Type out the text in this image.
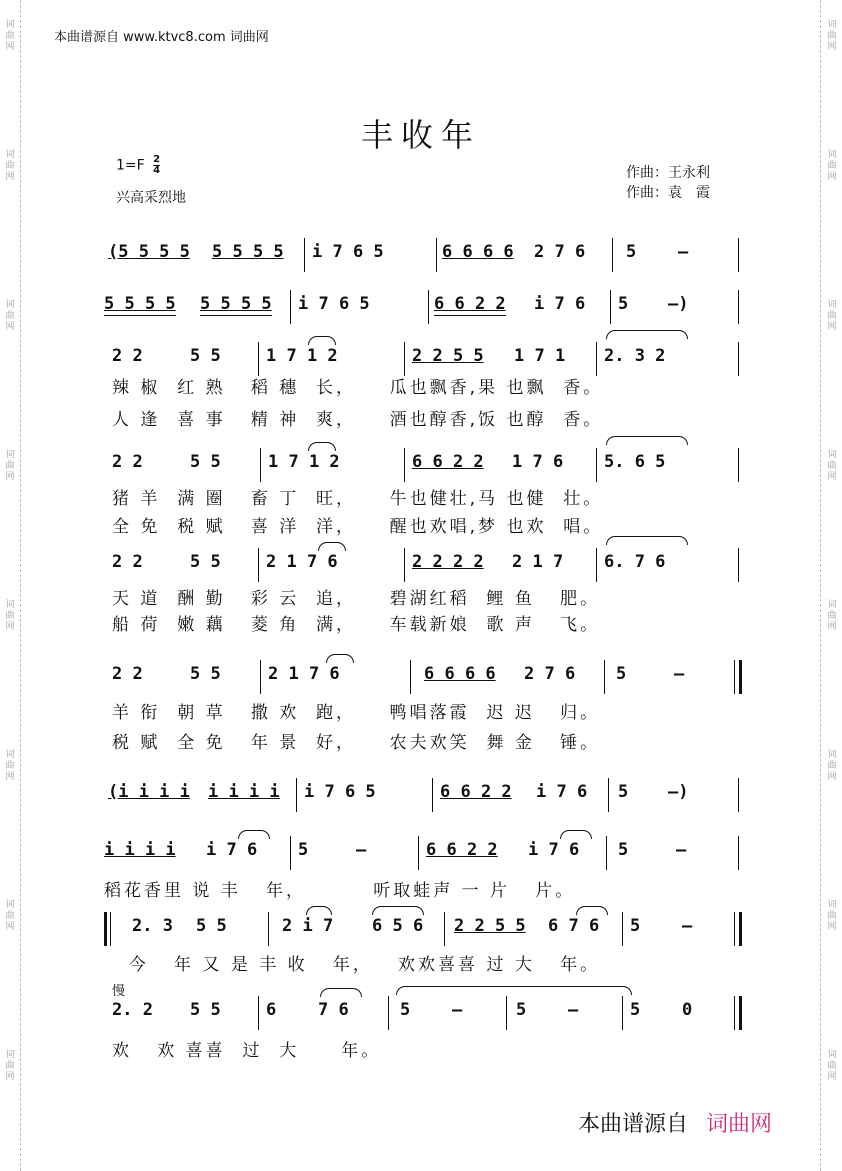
词曲网
词曲网
词曲网
词曲网
词曲网
词曲网
词曲网
词曲网
词曲网
词曲网
词曲网
词曲网
词曲网
词曲网
词曲网
词曲网
本曲谱源自 www.ktvc8.com 词曲网
丰收年
$1=F \frac{2}{4}$
兴高采烈地
作曲：王永利
作曲：袁　霞
(5 5 5 5 5 5 5 5 i 7 6 5	6 6 6 6 2 7 6 5 –
5 5 5 5 5 5 5 5 i 7 6 5	6 6 2 2 i 7 6 5 –)
2 2	5 5	1 7 1 2	2 2 5 5 1 7 1 2. 3 2
辣 椒  红 熟   稻 穗  长，    瓜也飘香,果 也飘  香。
人 逢  喜 事   精 神  爽，    酒也醇香,饭 也醇  香。
2 2	5 5	1 7 1 2	6 6 2 2 1 7 6 5. 6 5
猪 羊  满 圈   畜 丁  旺，    牛也健壮,马 也健  壮。
全 免  税 赋   喜 洋  洋，    醒也欢唱,梦 也欢  唱。
2 2	5 5	2 1 7 6	2 2 2 2 2 1 7 6. 7 6
天 道  酬 勤   彩 云  追，    碧湖红稻  鲤 鱼   肥。
船 荷  嫩 藕   菱 角  满，    车载新娘  歌 声   飞。
2 2	5 5	2 1 7 6	6 6 6 6 2 7 6 5	–
羊 衔  朝 草   撒 欢  跑，    鸭唱落霞  迟 迟   归。
税 赋  全 免   年 景  好，    农夫欢笑  舞 金   锤。
(i i i i i i i i i 7 6 5	6 6 2 2 i 7 6 5 –)
i i i i i 7 6 5	–	6 6 2 2 i 7 6 5	–
稻花香里 说 丰   年，        听取蛙声 一 片   片。
2. 3 5 5	2 i 7 6 5 6 2 2 5 5 6 7 6 5 –
今   年 又 是 丰 收   年，   欢欢喜喜 过 大   年。
慢
2. 2 5 5	6 7 6	5 –	5 –	5 0
欢   欢 喜喜  过  大     年。
本曲谱源自 词曲网
